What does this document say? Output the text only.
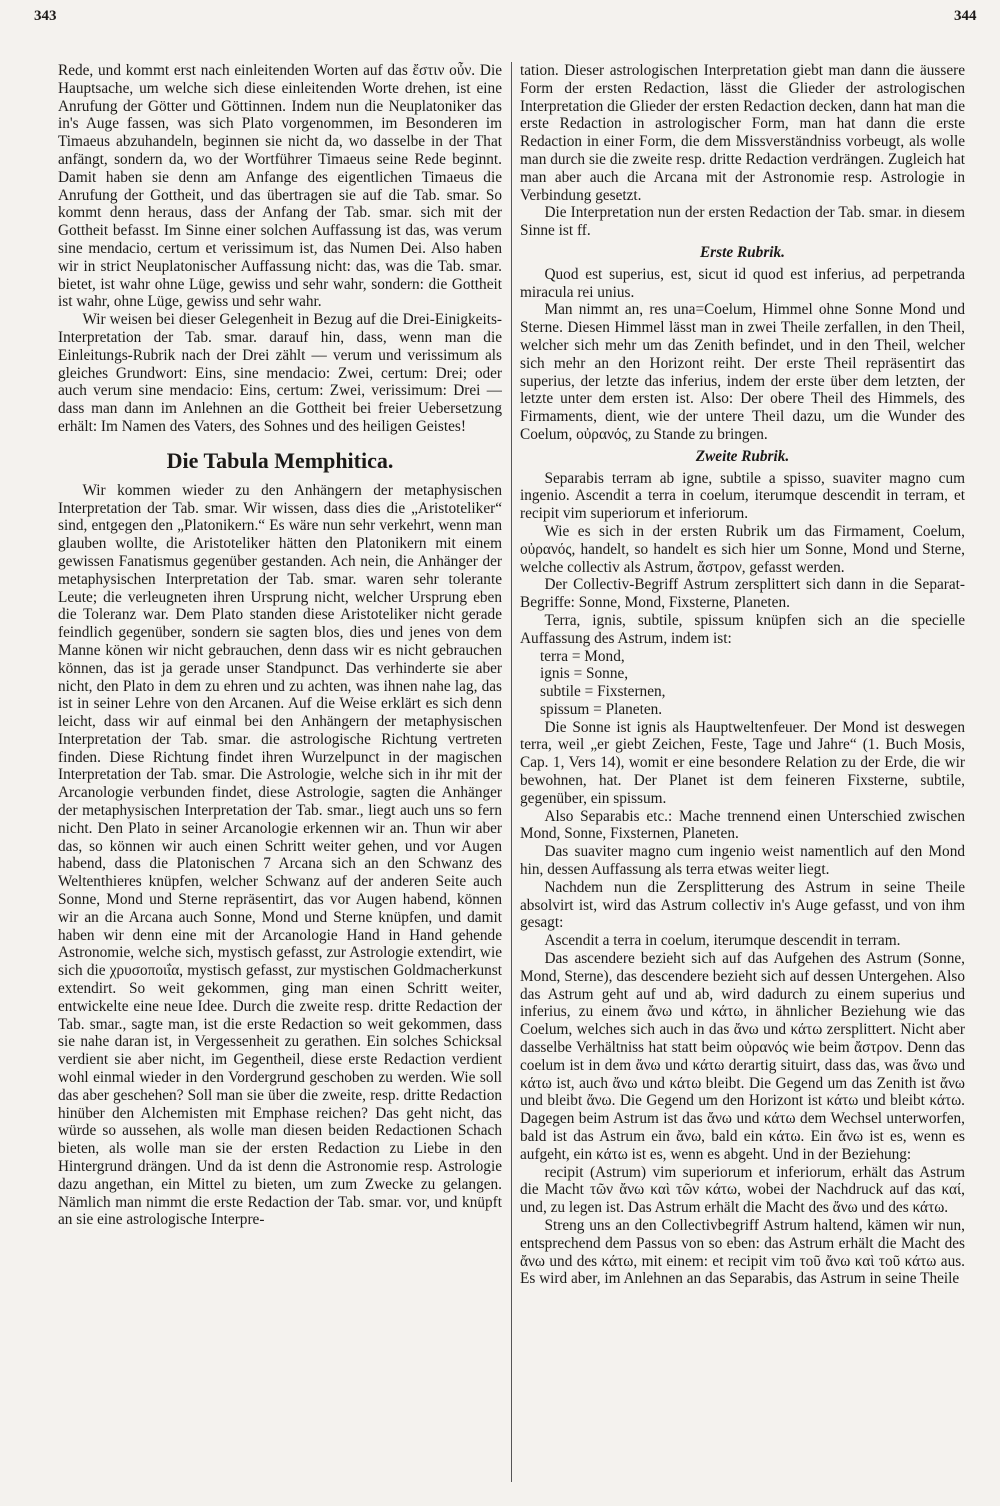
343	344

Rede, und kommt erst nach einleitenden Worten auf das ἔστιν οὖν. Die Hauptsache, um welche sich diese einleitenden Worte drehen, ist eine Anrufung der Götter und Göttinnen. Indem nun die Neuplatoniker das in's Auge fassen, was sich Plato vorgenommen, im Besonderen im Timaeus abzuhandeln, beginnen sie nicht da, wo dasselbe in der That anfängt, sondern da, wo der Wortführer Timaeus seine Rede beginnt. Damit haben sie denn am Anfange des eigentlichen Timaeus die Anrufung der Gottheit, und das übertragen sie auf die Tab. smar. So kommt denn heraus, dass der Anfang der Tab. smar. sich mit der Gottheit befasst. Im Sinne einer solchen Auffassung ist das, was verum sine mendacio, certum et verissimum ist, das Numen Dei. Also haben wir in strict Neuplatonischer Auffassung nicht: das, was die Tab. smar. bietet, ist wahr ohne Lüge, gewiss und sehr wahr, sondern: die Gottheit ist wahr, ohne Lüge, gewiss und sehr wahr.

Wir weisen bei dieser Gelegenheit in Bezug auf die Drei-Einigkeits-Interpretation der Tab. smar. darauf hin, dass, wenn man die Einleitungs-Rubrik nach der Drei zählt — verum und verissimum als gleiches Grundwort: Eins, sine mendacio: Zwei, certum: Drei; oder auch verum sine mendacio: Eins, certum: Zwei, verissimum: Drei — dass man dann im Anlehnen an die Gottheit bei freier Uebersetzung erhält: Im Namen des Vaters, des Sohnes und des heiligen Geistes!

Die Tabula Memphitica.

Wir kommen wieder zu den Anhängern der metaphysischen Interpretation der Tab. smar. Wir wissen, dass dies die „Aristoteliker“ sind, entgegen den „Platonikern.“ Es wäre nun sehr verkehrt, wenn man glauben wollte, die Aristoteliker hätten den Platonikern mit einem gewissen Fanatismus gegenüber gestanden. Ach nein, die Anhänger der metaphysischen Interpretation der Tab. smar. waren sehr tolerante Leute; die verleugneten ihren Ursprung nicht, welcher Ursprung eben die Toleranz war. Dem Plato standen diese Aristoteliker nicht gerade feindlich gegenüber, sondern sie sagten blos, dies und jenes von dem Manne könen wir nicht gebrauchen, denn dass wir es nicht gebrauchen können, das ist ja gerade unser Standpunct. Das verhinderte sie aber nicht, den Plato in dem zu ehren und zu achten, was ihnen nahe lag, das ist in seiner Lehre von den Arcanen. Auf die Weise erklärt es sich denn leicht, dass wir auf einmal bei den Anhängern der metaphysischen Interpretation der Tab. smar. die astrologische Richtung vertreten finden. Diese Richtung findet ihren Wurzelpunct in der magischen Interpretation der Tab. smar. Die Astrologie, welche sich in ihr mit der Arcanologie verbunden findet, diese Astrologie, sagten die Anhänger der metaphysischen Interpretation der Tab. smar., liegt auch uns so fern nicht. Den Plato in seiner Arcanologie erkennen wir an. Thun wir aber das, so können wir auch einen Schritt weiter gehen, und vor Augen habend, dass die Platonischen 7 Arcana sich an den Schwanz des Weltenthieres knüpfen, welcher Schwanz auf der anderen Seite auch Sonne, Mond und Sterne repräsentirt, das vor Augen habend, können wir an die Arcana auch Sonne, Mond und Sterne knüpfen, und damit haben wir denn eine mit der Arcanologie Hand in Hand gehende Astronomie, welche sich, mystisch gefasst, zur Astrologie extendirt, wie sich die χρυσοποιΐα, mystisch gefasst, zur mystischen Goldmacherkunst extendirt. So weit gekommen, ging man einen Schritt weiter, entwickelte eine neue Idee. Durch die zweite resp. dritte Redaction der Tab. smar., sagte man, ist die erste Redaction so weit gekommen, dass sie nahe daran ist, in Vergessenheit zu gerathen. Ein solches Schicksal verdient sie aber nicht, im Gegentheil, diese erste Redaction verdient wohl einmal wieder in den Vordergrund geschoben zu werden. Wie soll das aber geschehen? Soll man sie über die zweite, resp. dritte Redaction hinüber den Alchemisten mit Emphase reichen? Das geht nicht, das würde so aussehen, als wolle man diesen beiden Redactionen Schach bieten, als wolle man sie der ersten Redaction zu Liebe in den Hintergrund drängen. Und da ist denn die Astronomie resp. Astrologie dazu angethan, ein Mittel zu bieten, um zum Zwecke zu gelangen. Nämlich man nimmt die erste Redaction der Tab. smar. vor, und knüpft an sie eine astrologische Interpre-

tation. Dieser astrologischen Interpretation giebt man dann die äussere Form der ersten Redaction, lässt die Glieder der astrologischen Interpretation die Glieder der ersten Redaction decken, dann hat man die erste Redaction in astrologischer Form, man hat dann die erste Redaction in einer Form, die dem Missverständniss vorbeugt, als wolle man durch sie die zweite resp. dritte Redaction verdrängen. Zugleich hat man aber auch die Arcana mit der Astronomie resp. Astrologie in Verbindung gesetzt.

Die Interpretation nun der ersten Redaction der Tab. smar. in diesem Sinne ist ff.

Erste Rubrik.

Quod est superius, est, sicut id quod est inferius, ad perpetranda miracula rei unius.

Man nimmt an, res una=Coelum, Himmel ohne Sonne Mond und Sterne. Diesen Himmel lässt man in zwei Theile zerfallen, in den Theil, welcher sich mehr um das Zenith befindet, und in den Theil, welcher sich mehr an den Horizont reiht. Der erste Theil repräsentirt das superius, der letzte das inferius, indem der erste über dem letzten, der letzte unter dem ersten ist. Also: Der obere Theil des Himmels, des Firmaments, dient, wie der untere Theil dazu, um die Wunder des Coelum, οὐρανός, zu Stande zu bringen.

Zweite Rubrik.

Separabis terram ab igne, subtile a spisso, suaviter magno cum ingenio. Ascendit a terra in coelum, iterumque descendit in terram, et recipit vim superiorum et inferiorum.

Wie es sich in der ersten Rubrik um das Firmament, Coelum, οὐρανός, handelt, so handelt es sich hier um Sonne, Mond und Sterne, welche collectiv als Astrum, ἄστρον, gefasst werden.

Der Collectiv-Begriff Astrum zersplittert sich dann in die Separat-Begriffe: Sonne, Mond, Fixsterne, Planeten.

Terra, ignis, subtile, spissum knüpfen sich an die specielle Auffassung des Astrum, indem ist:

terra = Mond,

ignis = Sonne,

subtile = Fixsternen,

spissum = Planeten.

Die Sonne ist ignis als Hauptweltenfeuer. Der Mond ist deswegen terra, weil „er giebt Zeichen, Feste, Tage und Jahre“ (1. Buch Mosis, Cap. 1, Vers 14), womit er eine besondere Relation zu der Erde, die wir bewohnen, hat. Der Planet ist dem feineren Fixsterne, subtile, gegenüber, ein spissum.

Also Separabis etc.: Mache trennend einen Unterschied zwischen Mond, Sonne, Fixsternen, Planeten.

Das suaviter magno cum ingenio weist namentlich auf den Mond hin, dessen Auffassung als terra etwas weiter liegt.

Nachdem nun die Zersplitterung des Astrum in seine Theile absolvirt ist, wird das Astrum collectiv in's Auge gefasst, und von ihm gesagt:

Ascendit a terra in coelum, iterumque descendit in terram.

Das ascendere bezieht sich auf das Aufgehen des Astrum (Sonne, Mond, Sterne), das descendere bezieht sich auf dessen Untergehen. Also das Astrum geht auf und ab, wird dadurch zu einem superius und inferius, zu einem ἄνω und κάτω, in ähnlicher Beziehung wie das Coelum, welches sich auch in das ἄνω und κάτω zersplittert. Nicht aber dasselbe Verhältniss hat statt beim οὐρανός wie beim ἄστρον. Denn das coelum ist in dem ἄνω und κάτω derartig situirt, dass das, was ἄνω und κάτω ist, auch ἄνω und κάτω bleibt. Die Gegend um das Zenith ist ἄνω und bleibt ἄνω. Die Gegend um den Horizont ist κάτω und bleibt κάτω. Dagegen beim Astrum ist das ἄνω und κάτω dem Wechsel unterworfen, bald ist das Astrum ein ἄνω, bald ein κάτω. Ein ἄνω ist es, wenn es aufgeht, ein κάτω ist es, wenn es abgeht. Und in der Beziehung:

recipit (Astrum) vim superiorum et inferiorum, erhält das Astrum die Macht τῶν ἄνω καὶ τῶν κάτω, wobei der Nachdruck auf das καί, und, zu legen ist. Das Astrum erhält die Macht des ἄνω und des κάτω.

Streng uns an den Collectivbegriff Astrum haltend, kämen wir nun, entsprechend dem Passus von so eben: das Astrum erhält die Macht des ἄνω und des κάτω, mit einem: et recipit vim τοῦ ἄνω καὶ τοῦ κάτω aus. Es wird aber, im Anlehnen an das Separabis, das Astrum in seine Theile
